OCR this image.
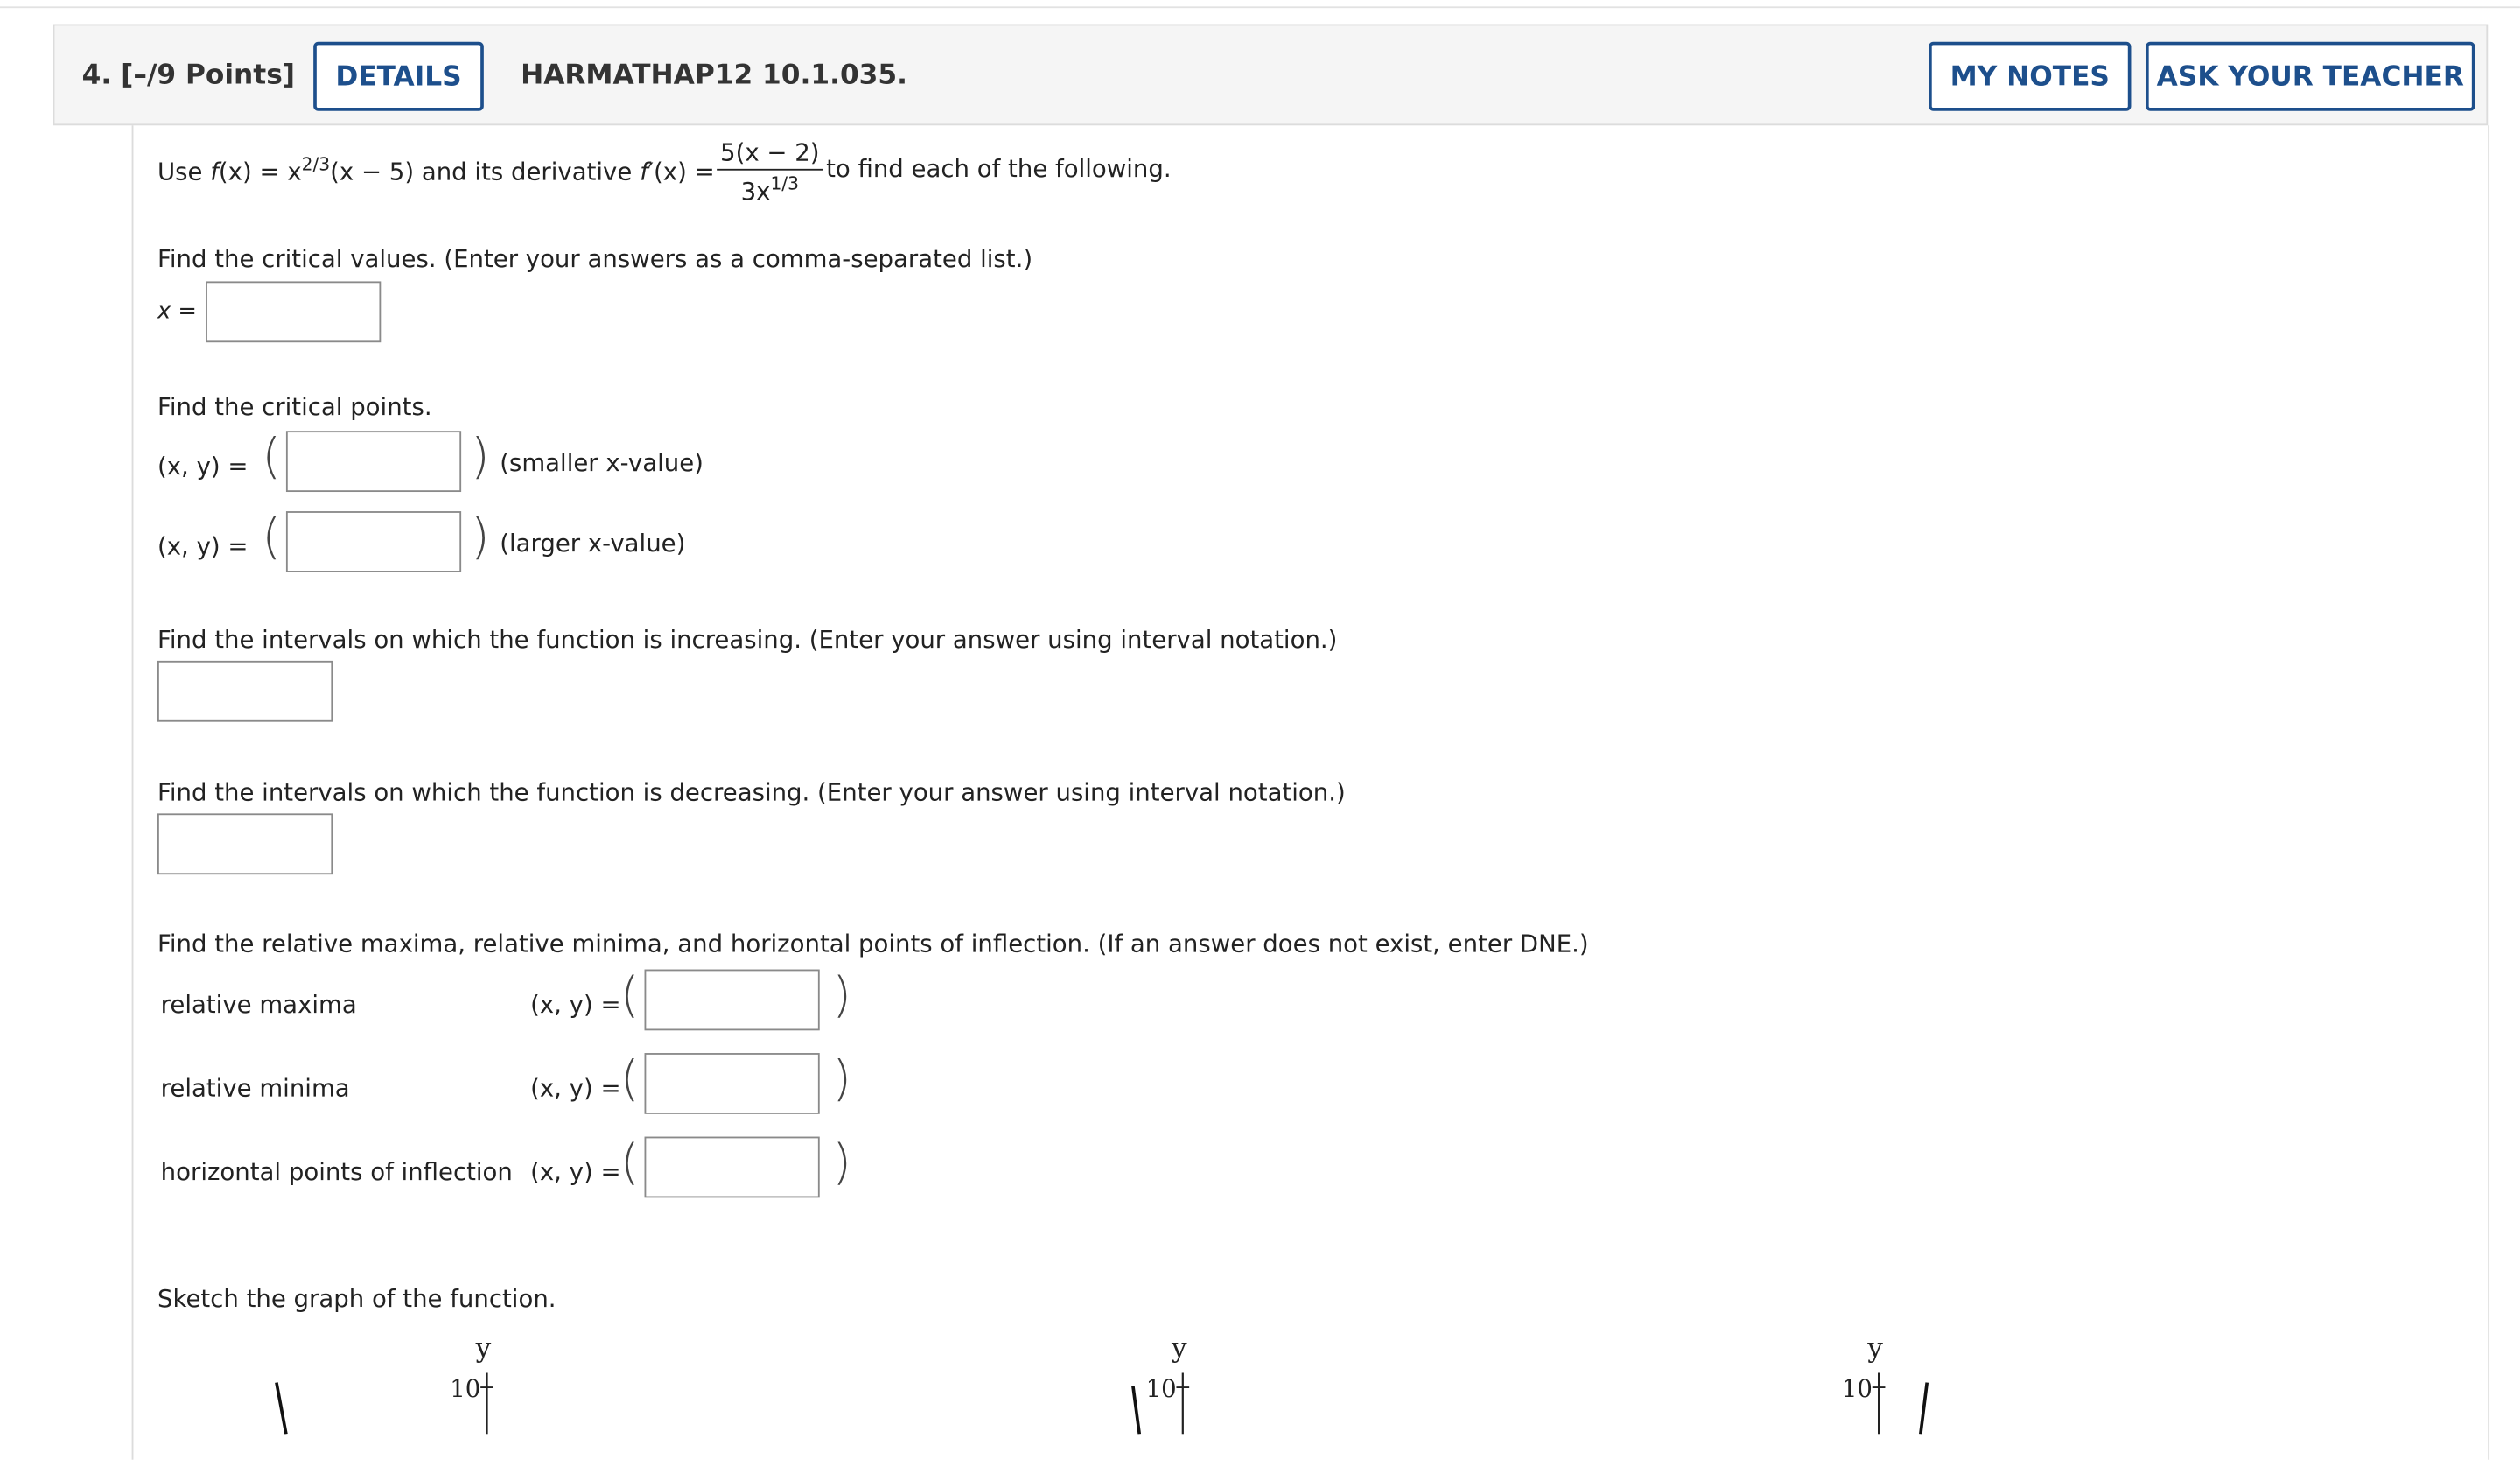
4. [–/9 Points]	DETAILS	HARMATHAP12 10.1.035.	MY NOTES	ASK YOUR TEACHER
Use $f(x) = x^{2/3}(x - 5)$ and its derivative f′(x) =
5(x − 2)
$3x^{1/3}$
to find each of the following.
Find the critical values. (Enter your answers as a comma-separated list.)
x =
Find the critical points.
(x, y) = (	) (smaller x-value)
(x, y) = (	) (larger x-value)
Find the intervals on which the function is increasing. (Enter your answer using interval notation.)
Find the intervals on which the function is decreasing. (Enter your answer using interval notation.)
Find the relative maxima, relative minima, and horizontal points of inflection. (If an answer does not exist, enter DNE.)
relative maxima	(x, y) = (	)
relative minima	(x, y) = (	)
horizontal points of inflection (x, y) = (	)
Sketch the graph of the function.
y
10
y
10
y
10
